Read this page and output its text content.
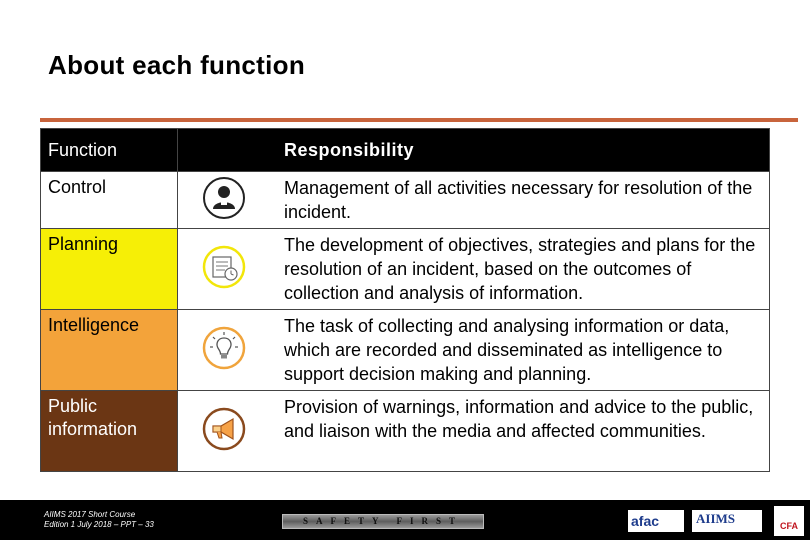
About each function
Function		Responsibility

Control		Management of all activities necessary for resolution of the incident.

Planning		The development of objectives, strategies and plans for the resolution of an incident, based on the outcomes of collection and analysis of information.

Intelligence		The task of collecting and analysing information or data, which are recorded and disseminated as intelligence to support decision making and planning.

Public information		Provision of warnings, information and advice to the public, and liaison with the media and affected communities.
AIIMS 2017 Short Course
Edition 1 July 2018 – PPT – 33	SAFETY FIRST	afac	AIIMS	CFA
